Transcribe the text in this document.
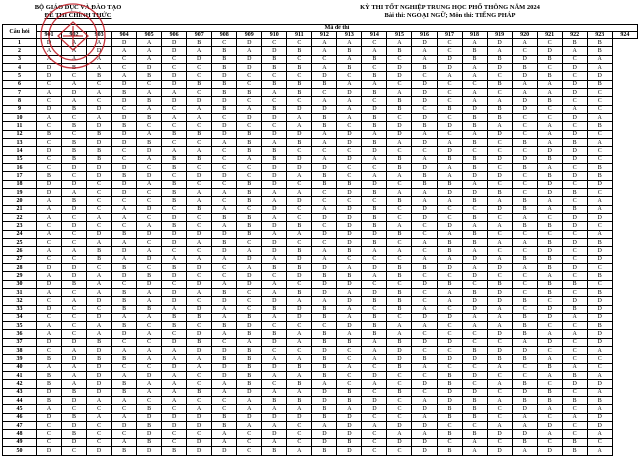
BỘ GIÁO DỤC VÀ ĐÀO TẠO
ĐỀ THI CHÍNH THỨC
KỲ THI TỐT NGHIỆP TRUNG HỌC PHỔ THÔNG NĂM 2024
Bài thi: NGOẠI NGỮ; Môn thi: TIẾNG PHÁP
Câu hỏi	Mã đề thi																							
	901	902	903	904	905	906	907	908	909	910	911	912	913	914	915	916	917	918	919	920	921	922	923	924
1	D	A	A	D	A	D	B	C	D	C	C	A	A	C	A	D	C	A	D	A	C	B	B	
2	A	A	D	A	A	D	A	B	A	D	B	A	B	A	B	A	C	B	A	C	D	A	B	
3	A	A	A	C	A	C	D	B	D	B	C	C	A	B	C	A	D	B	B	D	B	C	A	
4	D	B	A	C	D	C	C	B	D	B	B	A	B	C	D	B	D	A	D	B	C	D	A	
5	D	C	B	A	B	D	C	D	C	C	C	D	C	B	D	C	A	A	C	D	B	C	D	
6	C	A	C	D	C	D	B	B	C	B	B	B	A	A	C	D	C	C	B	A	A	D	B	
7	A	D	A	B	A	A	C	B	B	A	B	C	D	B	A	D	C	A	C	A	A	D	C	
8	C	A	C	D	B	D	D	D	C	C	C	A	A	C	B	D	C	A	A	D	B	C	C	
9	D	B	D	C	A	C	A	B	A	B	D	D	A	D	B	C	B	D	B	D	C	A	C	
10	A	C	A	D	B	A	A	C	D	D	A	B	A	B	C	D	C	B	B	C	C	D	A	
11	C	B	D	B	C	C	C	D	C	C	A	B	C	B	D	B	D	B	A	C	A	C	B	
12	B	C	B	D	A	B	B	D	B	D	D	A	D	A	D	A	C	A	D	C	A	D	C	
13	C	B	D	D	B	C	C	A	B	A	B	A	D	B	A	D	A	B	C	B	A	B	A	
14	D	B	B	C	D	A	A	C	B	B	C	C	C	D	C	C	D	C	C	C	D	D	C	
15	C	B	B	C	A	B	B	C	A	B	D	A	D	A	B	A	B	B	D	D	B	D	C	
16	C	D	D	D	C	B	C	C	C	D	D	D	C	C	B	D	A	B	C	B	A	C	B	
17	B	C	D	B	D	C	D	D	C	D	A	B	C	A	A	B	A	D	D	C	B	D	B	
18	D	D	C	D	A	B	C	C	B	D	C	B	B	D	C	B	B	A	C	C	D	C	D	
19	D	A	C	D	C	B	A	A	B	A	A	C	D	B	A	A	D	D	B	C	D	B	C	
20	A	B	C	C	C	B	A	C	B	A	D	C	C	C	B	A	A	B	A	B	A	C	A	
21	A	D	C	A	D	C	B	A	C	D	C	A	D	B	C	D	C	C	D	B	A	B	A	
22	A	C	A	A	C	D	C	B	B	A	C	D	D	B	C	D	C	B	C	A	C	D	D	
23	C	D	C	C	A	B	C	A	B	D	B	C	D	B	A	C	D	A	A	B	B	D	C	
24	A	C	D	B	D	D	D	D	B	A	A	D	D	D	B	C	A	B	C	C	C	C	A	
25	C	C	A	A	C	D	A	B	C	D	C	C	D	B	C	A	B	B	A	A	B	D	B	
26	A	A	B	D	A	C	C	D	A	D	B	A	B	A	A	C	B	A	C	C	D	C	D	
27	C	C	B	A	D	A	A	A	D	A	D	A	C	C	C	A	A	D	A	B	B	C	D	
28	D	D	C	B	C	B	D	C	A	B	B	D	A	D	B	B	D	A	D	A	B	D	C	
29	A	D	A	D	B	D	C	C	D	C	D	B	B	A	B	C	C	D	C	C	A	C	B	
30	D	B	A	C	D	C	D	A	D	A	C	D	D	C	C	D	B	C	B	C	B	B	C	
31	A	C	A	B	A	D	A	B	C	A	B	D	A	D	B	C	A	B	D	C	B	C	B	
32	C	A	D	B	A	D	C	D	C	D	A	A	D	B	B	C	A	D	D	B	C	D	D	
33	D	C	C	B	B	A	D	A	C	B	D	B	A	C	B	A	C	D	A	C	D	B	D	
34	C	C	D	A	A	B	B	A	B	A	D	B	A	B	C	D	D	A	A	B	D	A	D	
35	A	C	A	B	C	B	C	B	D	C	C	C	D	B	A	A	C	A	A	B	C	C	B	
36	A	C	A	D	A	C	D	A	B	B	A	B	A	B	A	C	C	C	D	B	A	A	D	
37	D	D	B	C	C	D	B	C	A	D	A	B	B	A	B	D	D	C	C	A	D	C	D	
38	C	A	D	A	A	A	D	D	B	C	C	D	C	A	D	C	C	B	D	D	C	C	A	
39	B	D	B	B	A	A	A	B	B	A	A	B	C	A	D	B	D	D	B	B	A	C	C	
40	A	A	D	C	C	D	A	D	B	D	B	B	A	C	B	A	C	C	A	C	B	A	C	
41	B	A	D	A	D	A	C	D	B	A	A	B	C	D	C	C	B	D	C	C	A	B	A	
42	B	A	D	B	A	A	C	A	B	C	B	A	C	A	C	D	B	C	A	B	C	D	D	
43	D	B	D	B	A	A	B	A	D	A	A	D	B	C	B	C	D	D	C	D	B	C	A	
44	B	D	A	A	C	A	C	C	A	B	B	D	B	D	C	A	D	B	A	B	B	B	B	
45	A	C	C	C	B	C	A	C	A	A	A	B	A	D	C	D	B	B	C	D	A	C	A	
46	D	B	A	A	D	D	D	B	D	D	D	B	D	C	C	A	B	B	C	A	C	A	D	
47	C	D	C	D	B	D	D	B	A	A	C	A	D	A	D	D	C	C	A	A	D	C	D	
48	C	B	C	C	D	C	C	A	C	D	C	D	D	C	A	A	B	B	D	D	A	C	A	
49	C	D	C	A	B	C	D	A	C	A	C	D	B	C	D	D	C	A	C	B	C	B	C	
50	D	C	D	B	D	B	D	D	C	B	A	B	D	C	C	D	B	A	D	A	D	B	A	
